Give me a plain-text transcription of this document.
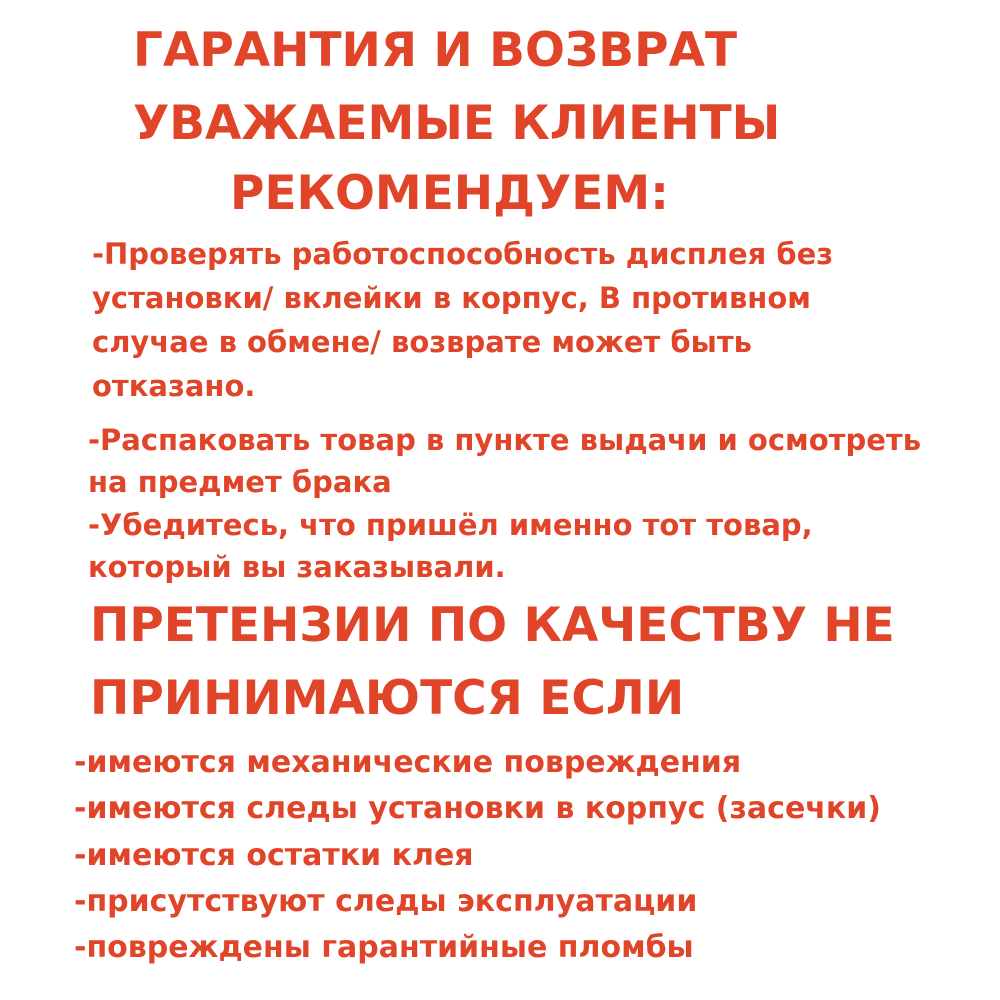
ГАРАНТИЯ И ВОЗВРАТ

УВАЖАЕМЫЕ КЛИЕНТЫ

РЕКОМЕНДУЕМ:

-Проверять работоспособность дисплея без

установки/ вклейки в корпус, В противном

случае в обмене/ возврате может быть

отказано.

-Распаковать товар в пункте выдачи и осмотреть

на предмет брака

-Убедитесь, что пришёл именно тот товар,

который вы заказывали.

ПРЕТЕНЗИИ ПО КАЧЕСТВУ НЕ

ПРИНИМАЮТСЯ ЕСЛИ

-имеются механические повреждения

-имеются следы установки в корпус (засечки)

-имеются остатки клея

-присутствуют следы эксплуатации

-повреждены гарантийные пломбы
